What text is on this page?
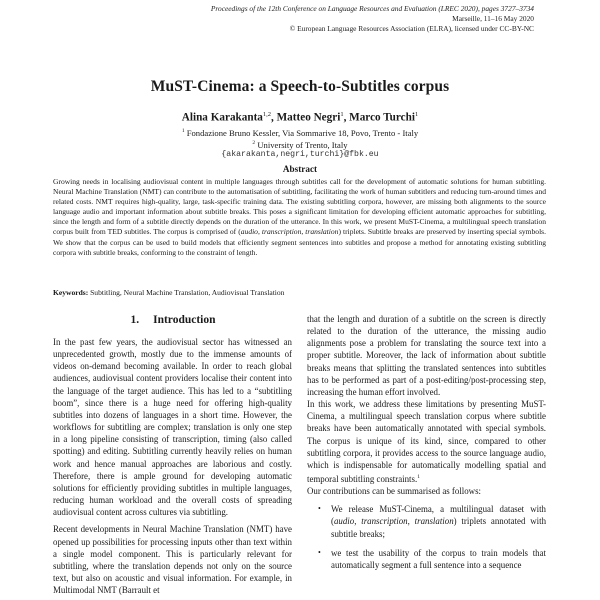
Proceedings of the 12th Conference on Language Resources and Evaluation (LREC 2020), pages 3727–3734
Marseille, 11–16 May 2020
© European Language Resources Association (ELRA), licensed under CC-BY-NC
MuST-Cinema: a Speech-to-Subtitles corpus
Alina Karakanta$^{1,2}$, Matteo Negri$^1$, Marco Turchi$^1$
$^1$ Fondazione Bruno Kessler, Via Sommarive 18, Povo, Trento - Italy
$^2$ University of Trento, Italy
{akarakanta,negri,turchi}@fbk.eu
Abstract
Growing needs in localising audiovisual content in multiple languages through subtitles call for the development of automatic solutions for human subtitling. Neural Machine Translation (NMT) can contribute to the automatisation of subtitling, facilitating the work of human subtitlers and reducing turn-around times and related costs. NMT requires high-quality, large, task-specific training data. The existing subtitling corpora, however, are missing both alignments to the source language audio and important information about subtitle breaks. This poses a significant limitation for developing efficient automatic approaches for subtitling, since the length and form of a subtitle directly depends on the duration of the utterance. In this work, we present MuST-Cinema, a multilingual speech translation corpus built from TED subtitles. The corpus is comprised of (audio, transcription, translation) triplets. Subtitle breaks are preserved by inserting special symbols. We show that the corpus can be used to build models that efficiently segment sentences into subtitles and propose a method for annotating existing subtitling corpora with subtitle breaks, conforming to the constraint of length.
Keywords: Subtitling, Neural Machine Translation, Audiovisual Translation
1. Introduction

In the past few years, the audiovisual sector has witnessed an unprecedented growth, mostly due to the immense amounts of videos on-demand becoming available. In order to reach global audiences, audiovisual content providers localise their content into the language of the target audience. This has led to a “subtitling boom”, since there is a huge need for offering high-quality subtitles into dozens of languages in a short time. However, the workflows for subtitling are complex; translation is only one step in a long pipeline consisting of transcription, timing (also called spotting) and editing. Subtitling currently heavily relies on human work and hence manual approaches are laborious and costly. Therefore, there is ample ground for developing automatic solutions for efficiently providing subtitles in multiple languages, reducing human workload and the overall costs of spreading audiovisual content across cultures via subtitling.

Recent developments in Neural Machine Translation (NMT) have opened up possibilities for processing inputs other than text within a single model component. This is particularly relevant for subtitling, where the translation depends not only on the source text, but also on acoustic and visual information. For example, in Multimodal NMT (Barrault et

that the length and duration of a subtitle on the screen is directly related to the duration of the utterance, the missing audio alignments pose a problem for translating the source text into a proper subtitle. Moreover, the lack of information about subtitle breaks means that splitting the translated sentences into subtitles has to be performed as part of a post-editing/post-processing step, increasing the human effort involved.

In this work, we address these limitations by presenting MuST-Cinema, a multilingual speech translation corpus where subtitle breaks have been automatically annotated with special symbols. The corpus is unique of its kind, since, compared to other subtitling corpora, it provides access to the source language audio, which is indispensable for automatically modelling spatial and temporal subtitling constraints.$^1$

Our contributions can be summarised as follows:

• We release MuST-Cinema, a multilingual dataset with (audio, transcription, translation) triplets annotated with subtitle breaks;
• we test the usability of the corpus to train models that automatically segment a full sentence into a sequence
